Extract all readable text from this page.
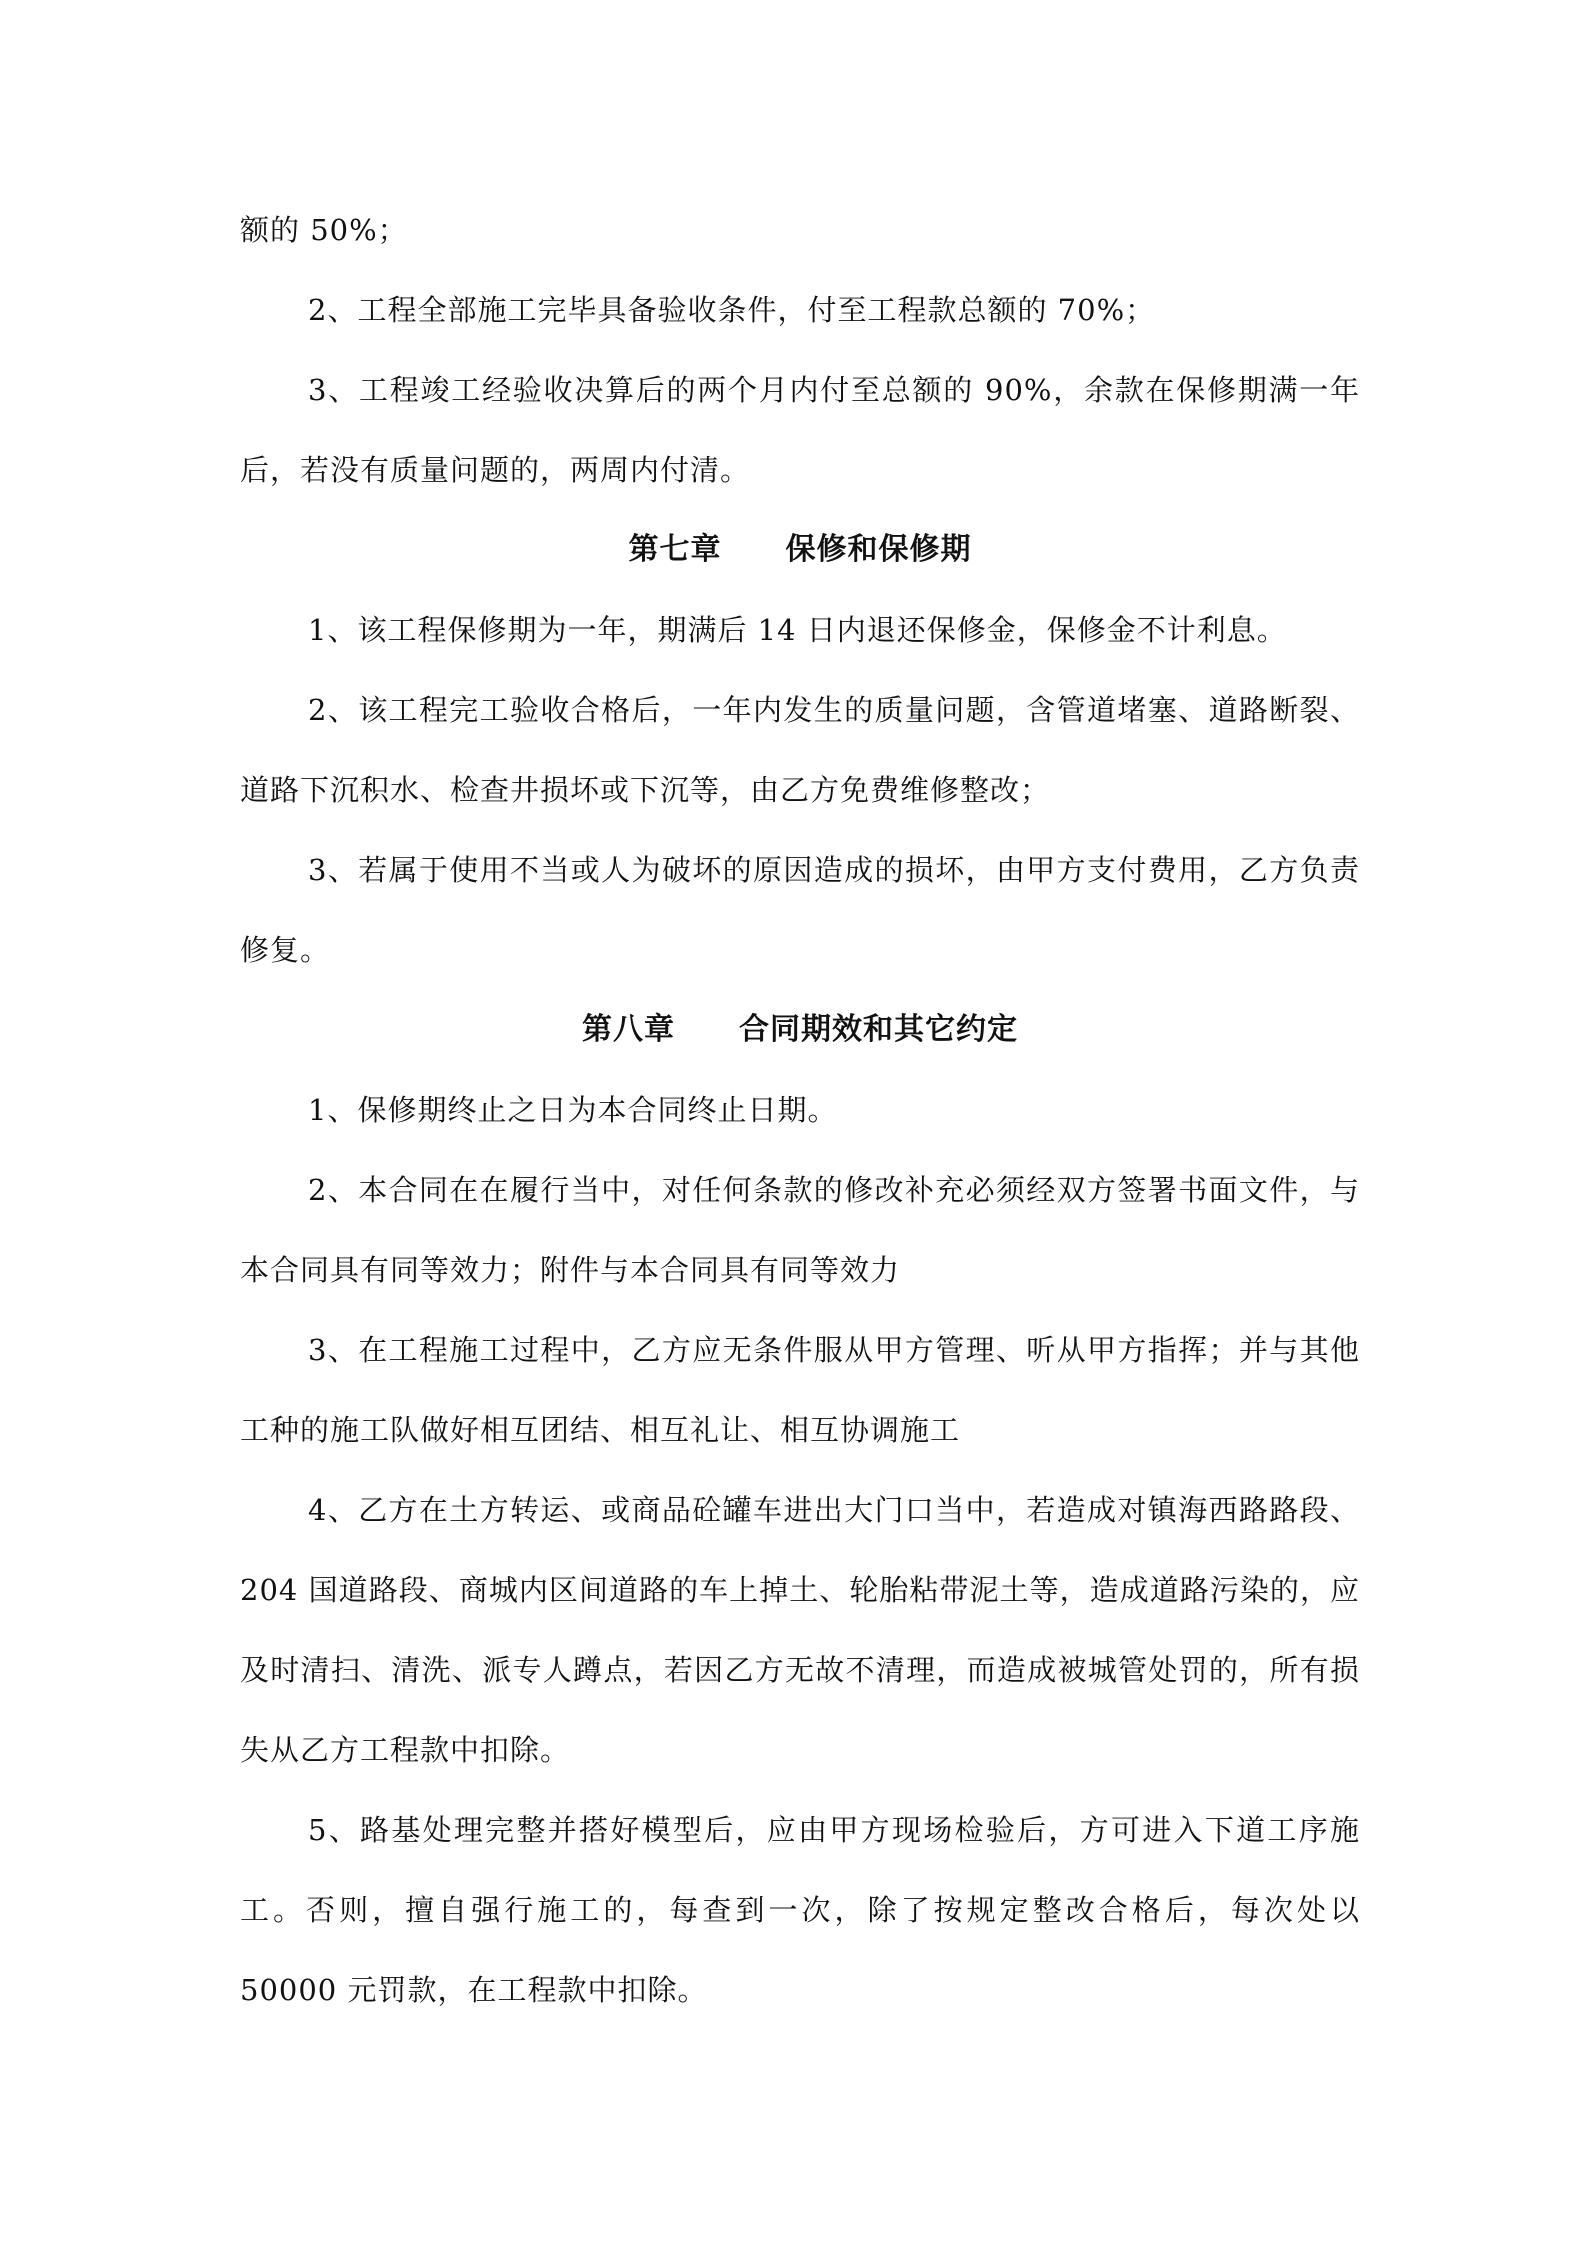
额的 50%；

2、工程全部施工完毕具备验收条件，付至工程款总额的 70%；

3、工程竣工经验收决算后的两个月内付至总额的 90%，余款在保修期满一年后，若没有质量问题的，两周内付清。

第七章 保修和保修期

1、该工程保修期为一年，期满后 14 日内退还保修金，保修金不计利息。

2、该工程完工验收合格后，一年内发生的质量问题，含管道堵塞、道路断裂、道路下沉积水、检查井损坏或下沉等，由乙方免费维修整改；

3、若属于使用不当或人为破坏的原因造成的损坏，由甲方支付费用，乙方负责修复。

第八章 合同期效和其它约定

1、保修期终止之日为本合同终止日期。

2、本合同在在履行当中，对任何条款的修改补充必须经双方签署书面文件，与本合同具有同等效力；附件与本合同具有同等效力

3、在工程施工过程中，乙方应无条件服从甲方管理、听从甲方指挥；并与其他工种的施工队做好相互团结、相互礼让、相互协调施工

4、乙方在土方转运、或商品砼罐车进出大门口当中，若造成对镇海西路路段、204 国道路段、商城内区间道路的车上掉土、轮胎粘带泥土等，造成道路污染的，应及时清扫、清洗、派专人蹲点，若因乙方无故不清理，而造成被城管处罚的，所有损失从乙方工程款中扣除。

5、路基处理完整并搭好模型后，应由甲方现场检验后，方可进入下道工序施工。否则，擅自强行施工的，每查到一次，除了按规定整改合格后，每次处以 50000 元罚款，在工程款中扣除。
